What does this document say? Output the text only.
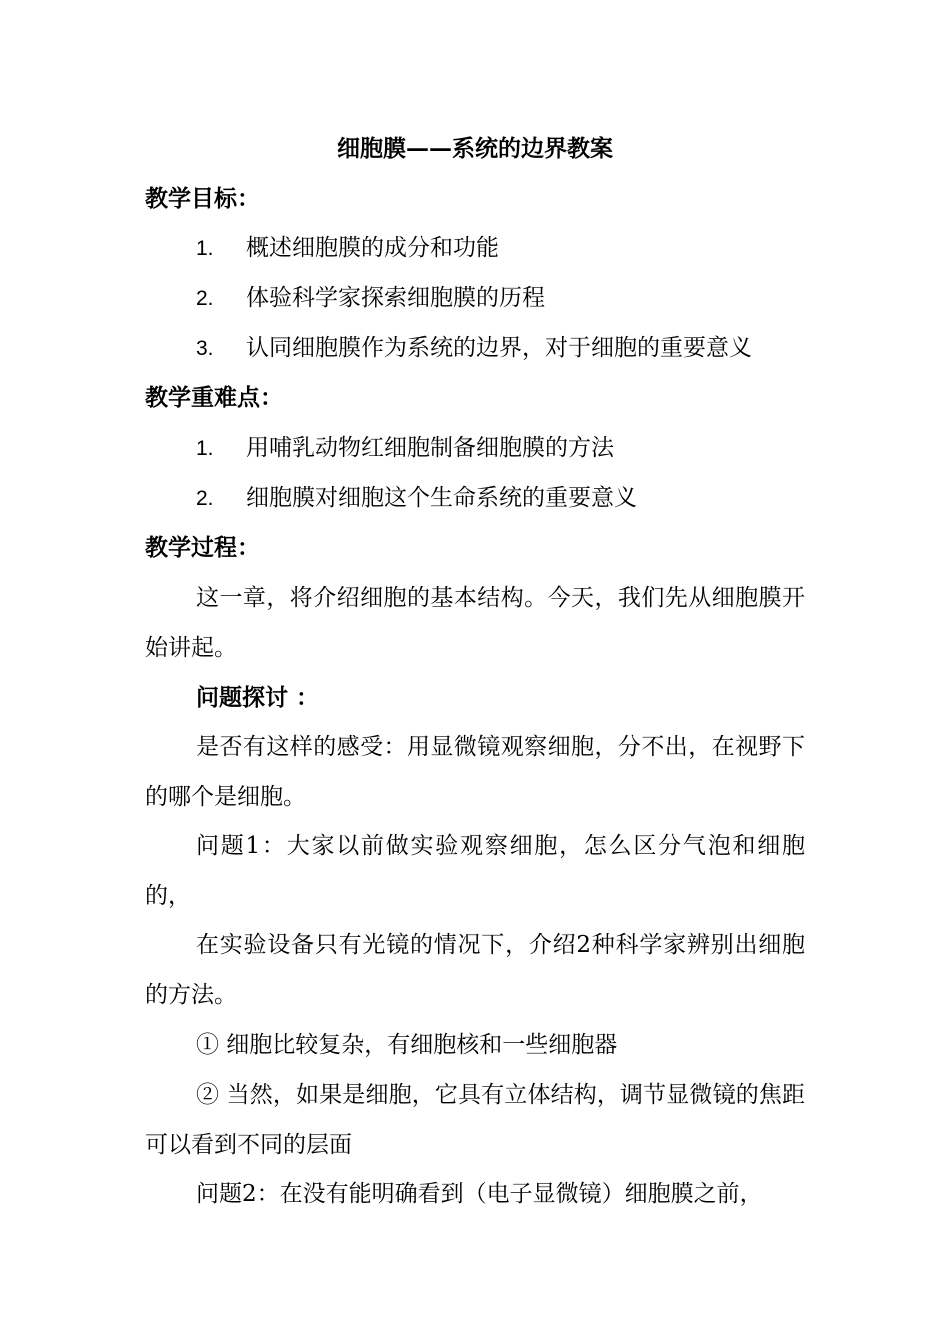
细胞膜——系统的边界教案
教学目标：
1. 概述细胞膜的成分和功能
2. 体验科学家探索细胞膜的历程
3. 认同细胞膜作为系统的边界，对于细胞的重要意义
教学重难点：
1. 用哺乳动物红细胞制备细胞膜的方法
2. 细胞膜对细胞这个生命系统的重要意义
教学过程：
这一章，将介绍细胞的基本结构。今天，我们先从细胞膜开始讲起。
问题探讨 ：
是否有这样的感受：用显微镜观察细胞，分不出，在视野下的哪个是细胞。
问题1：大家以前做实验观察细胞，怎么区分气泡和细胞的，
在实验设备只有光镜的情况下，介绍2种科学家辨别出细胞的方法。
① 细胞比较复杂，有细胞核和一些细胞器
② 当然，如果是细胞，它具有立体结构，调节显微镜的焦距可以看到不同的层面
问题2：在没有能明确看到（电子显微镜）细胞膜之前，
